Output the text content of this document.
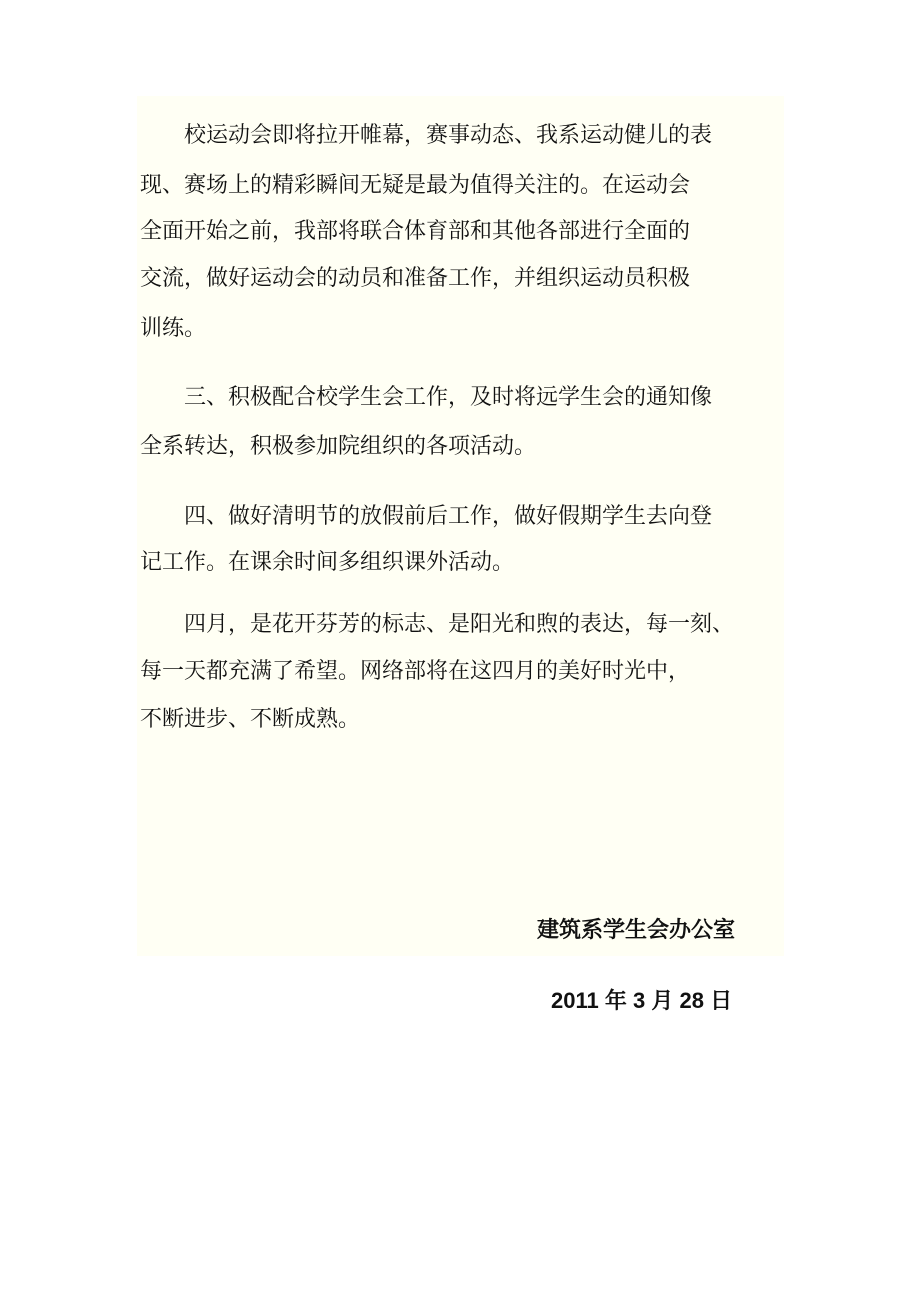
　　校运动会即将拉开帷幕，赛事动态、我系运动健儿的表

现、赛场上的精彩瞬间无疑是最为值得关注的。在运动会

全面开始之前，我部将联合体育部和其他各部进行全面的

交流，做好运动会的动员和准备工作，并组织运动员积极

训练。

　　三、积极配合校学生会工作，及时将远学生会的通知像

全系转达，积极参加院组织的各项活动。

　　四、做好清明节的放假前后工作，做好假期学生去向登

记工作。在课余时间多组织课外活动。

　　四月，是花开芬芳的标志、是阳光和煦的表达，每一刻、

每一天都充满了希望。网络部将在这四月的美好时光中，

不断进步、不断成熟。

建筑系学生会办公室

2011 年 3 月 28 日
